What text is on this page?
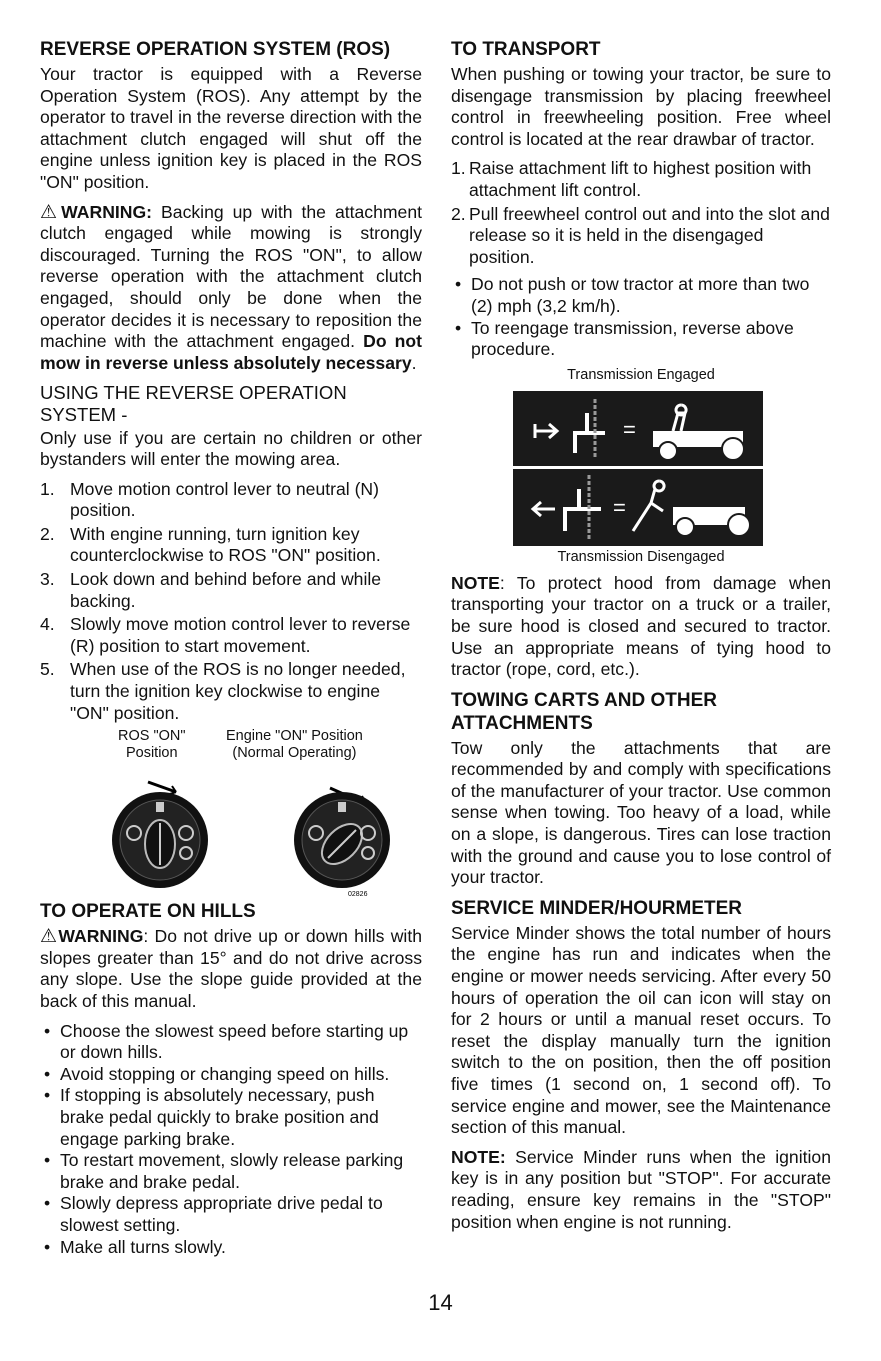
REVERSE OPERATION SYSTEM (ROS)

Your tractor is equipped with a Reverse Operation System (ROS). Any attempt by the operator to travel in the reverse direction with the attachment clutch engaged will shut off the engine unless ignition key is placed in the ROS "ON" position.

⚠WARNING: Backing up with the attachment clutch engaged while mowing is strongly discouraged. Turning the ROS "ON", to allow reverse operation with the attachment clutch engaged, should only be done when the operator decides it is necessary to reposition the machine with the attachment engaged. Do not mow in reverse unless absolutely necessary.

USING THE REVERSE OPERATION SYSTEM -

Only use if you are certain no children or other bystanders will enter the mowing area.

1. Move motion control lever to neutral (N) position.
2. With engine running, turn ignition key counterclockwise to ROS "ON" position.
3. Look down and behind before and while backing.
4. Slowly move motion control lever to reverse (R) position to start movement.
5. When use of the ROS is no longer needed, turn the ignition key clockwise to engine "ON" position.
ROS "ON"
Position
Engine "ON" Position
(Normal Operating)
02826
TO OPERATE ON HILLS

⚠WARNING: Do not drive up or down hills with slopes greater than 15° and do not drive across any slope. Use the slope guide provided at the back of this manual.

• Choose the slowest speed before starting up or down hills.
• Avoid stopping or changing speed on hills.
• If stopping is absolutely necessary, push brake pedal quickly to brake position and engage parking brake.
• To restart movement, slowly release parking brake and brake pedal.
• Slowly depress appropriate drive pedal to slowest setting.
• Make all turns slowly.
TO TRANSPORT

When pushing or towing your tractor, be sure to disengage transmission by placing freewheel control in freewheeling position. Free wheel control is located at the rear drawbar of tractor.

1. Raise attachment lift to highest position with attachment lift control.
2. Pull freewheel control out and into the slot and release so it is held in the disengaged position.
• Do not push or tow tractor at more than two (2) mph (3,2 km/h).
• To reengage transmission, reverse above procedure.
Transmission Engaged
=
=
Transmission Disengaged

NOTE: To protect hood from damage when transporting your tractor on a truck or a trailer, be sure hood is closed and secured to tractor. Use an appropriate means of tying hood to tractor (rope, cord, etc.).

TOWING CARTS AND OTHER ATTACHMENTS

Tow only the attachments that are recommended by and comply with specifications of the manufacturer of your tractor. Use common sense when towing. Too heavy of a load, while on a slope, is dangerous. Tires can lose traction with the ground and cause you to lose control of your tractor.

SERVICE MINDER/HOURMETER

Service Minder shows the total number of hours the engine has run and indicates when the engine or mower needs servicing. After every 50 hours of operation the oil can icon will stay on for 2 hours or until a manual reset occurs. To reset the display manually turn the ignition switch to the on position, then the off position five times (1 second on, 1 second off). To service engine and mower, see the Maintenance section of this manual.

NOTE: Service Minder runs when the ignition key is in any position but "STOP". For accurate reading, ensure key remains in the "STOP" position when engine is not running.

14
